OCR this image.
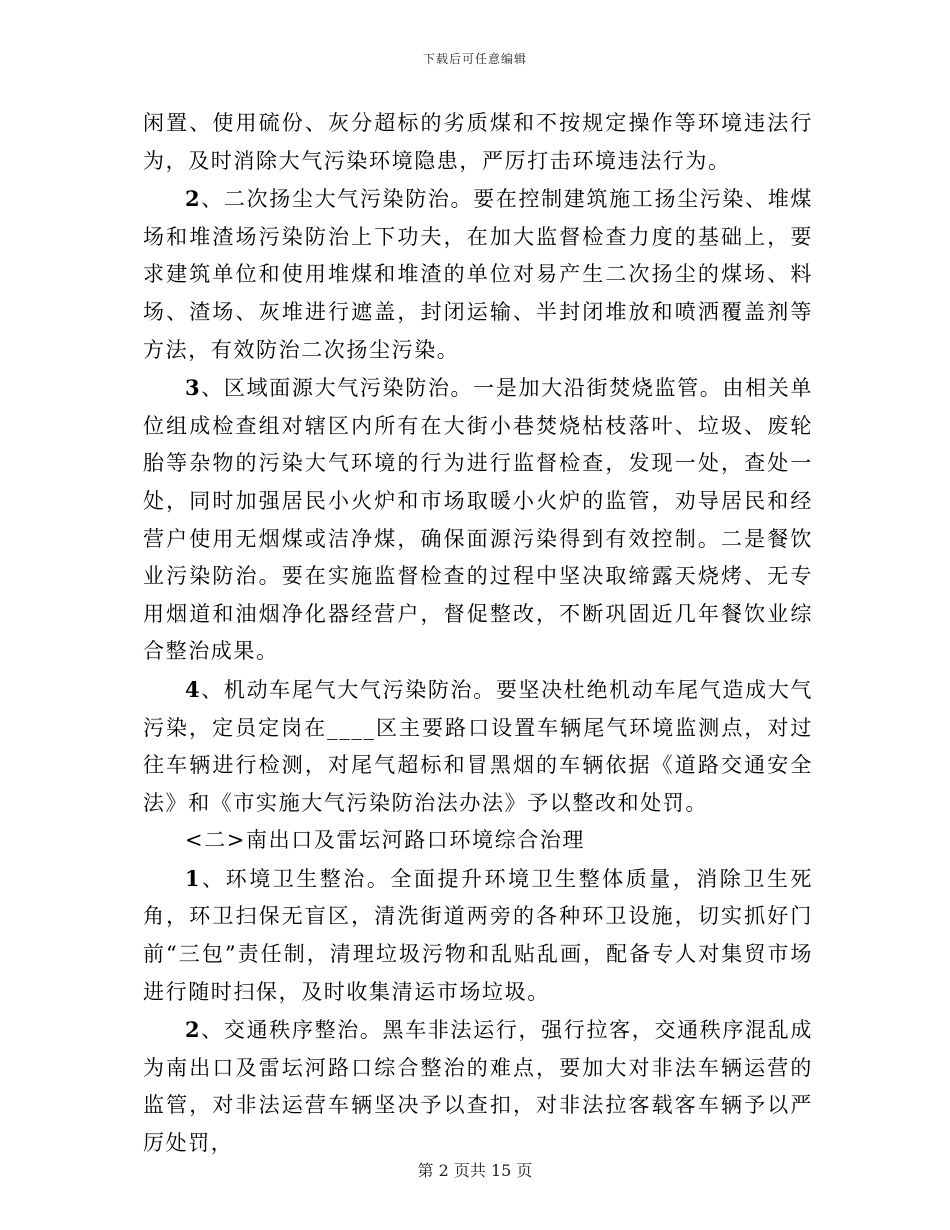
下载后可任意编辑

闲置、使用硫份、灰分超标的劣质煤和不按规定操作等环境违法行为，及时消除大气污染环境隐患，严厉打击环境违法行为。

2、二次扬尘大气污染防治。要在控制建筑施工扬尘污染、堆煤场和堆渣场污染防治上下功夫，在加大监督检查力度的基础上，要求建筑单位和使用堆煤和堆渣的单位对易产生二次扬尘的煤场、料场、渣场、灰堆进行遮盖，封闭运输、半封闭堆放和喷洒覆盖剂等方法，有效防治二次扬尘污染。

3、区域面源大气污染防治。一是加大沿街焚烧监管。由相关单位组成检查组对辖区内所有在大街小巷焚烧枯枝落叶、垃圾、废轮胎等杂物的污染大气环境的行为进行监督检查，发现一处，查处一处，同时加强居民小火炉和市场取暖小火炉的监管，劝导居民和经营户使用无烟煤或洁净煤，确保面源污染得到有效控制。二是餐饮业污染防治。要在实施监督检查的过程中坚决取缔露天烧烤、无专用烟道和油烟净化器经营户，督促整改，不断巩固近几年餐饮业综合整治成果。

4、机动车尾气大气污染防治。要坚决杜绝机动车尾气造成大气污染，定员定岗在____区主要路口设置车辆尾气环境监测点，对过往车辆进行检测，对尾气超标和冒黑烟的车辆依据《道路交通安全法》和《市实施大气污染防治法办法》予以整改和处罚。

<二>南出口及雷坛河路口环境综合治理

1、环境卫生整治。全面提升环境卫生整体质量，消除卫生死角，环卫扫保无盲区，清洗街道两旁的各种环卫设施，切实抓好门前“三包”责任制，清理垃圾污物和乱贴乱画，配备专人对集贸市场进行随时扫保，及时收集清运市场垃圾。

2、交通秩序整治。黑车非法运行，强行拉客，交通秩序混乱成为南出口及雷坛河路口综合整治的难点，要加大对非法车辆运营的监管，对非法运营车辆坚决予以查扣，对非法拉客载客车辆予以严厉处罚，

第 2 页共 15 页
